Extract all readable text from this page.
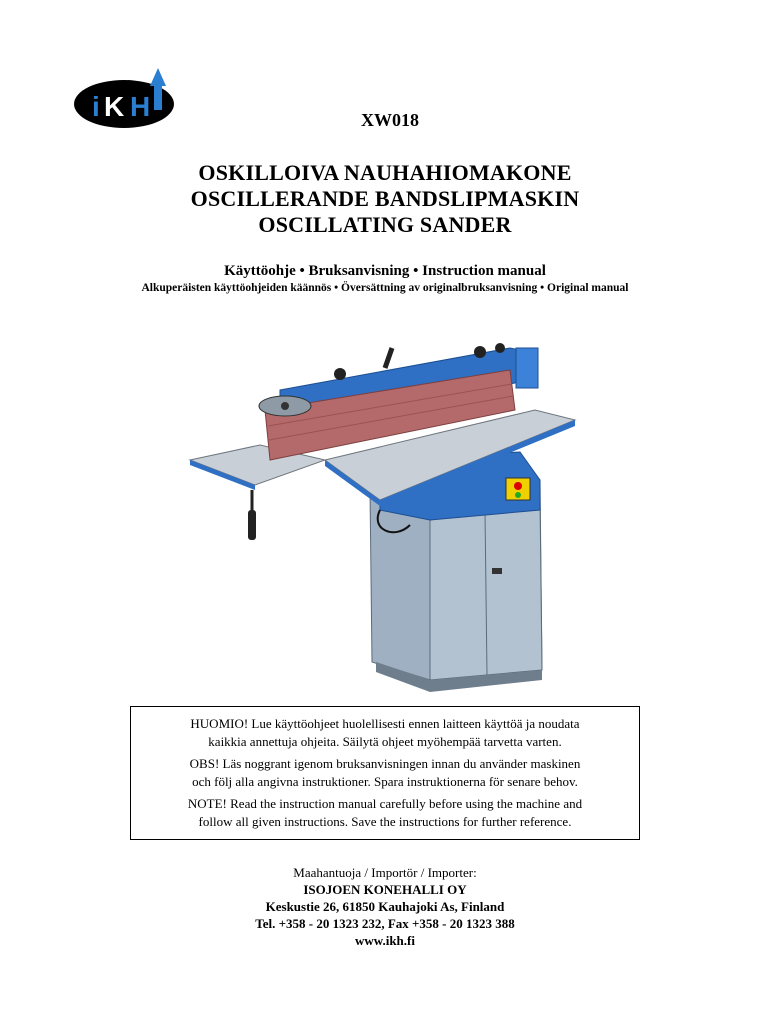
i K H	XW018
OSKILLOIVA NAUHAHIOMAKONE
OSCILLERANDE BANDSLIPMASKIN
OSCILLATING SANDER
Käyttöohje • Bruksanvisning • Instruction manual
Alkuperäisten käyttöohjeiden käännös • Översättning av originalbruksanvisning • Original manual

HUOMIO! Lue käyttöohjeet huolellisesti ennen laitteen käyttöä ja noudata
kaikkia annettuja ohjeita. Säilytä ohjeet myöhempää tarvetta varten.

OBS! Läs noggrant igenom bruksanvisningen innan du använder maskinen
och följ alla angivna instruktioner. Spara instruktionerna för senare behov.

NOTE! Read the instruction manual carefully before using the machine and
follow all given instructions. Save the instructions for further reference.

Maahantuoja / Importör / Importer:
ISOJOEN KONEHALLI OY
Keskustie 26, 61850 Kauhajoki As, Finland
Tel. +358 - 20 1323 232, Fax +358 - 20 1323 388
www.ikh.fi
